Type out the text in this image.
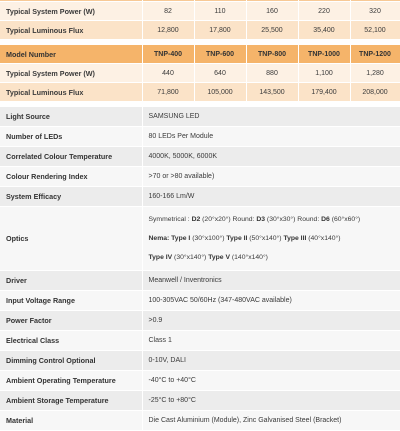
Typical System Power (W)	82	110	160	220	320
Typical Luminous Flux	12,800	17,800	25,500	35,400	52,100

Model Number	TNP-400	TNP-600	TNP-800	TNP-1000	TNP-1200
Typical System Power (W)	440	640	880	1,100	1,280
Typical Luminous Flux	71,800	105,000	143,500	179,400	208,000

Light Source	SAMSUNG LED
Number of LEDs	80 LEDs Per Module
Correlated Colour Temperature	4000K, 5000K, 6000K
Colour Rendering Index	>70 or >80 available)
System Efficacy	160-166 Lm/W
Optics	Symmetrical : D2 (20°x20°) Round: D3 (30°x30°) Round: D6 (60°x60°)
Nema: Type I (30°x100°) Type II (50°x140°) Type III (40°x140°)
Type IV (30°x140°) Type V (140°x140°)

Driver	Meanwell / Inventronics
Input Voltage Range	100-305VAC 50/60Hz (347-480VAC available)
Power Factor	>0.9
Electrical Class	Class 1
Dimming Control Optional	0-10V, DALI
Ambient Operating Temperature	-40°C to +40°C
Ambient Storage Temperature	-25°C to +80°C
Material	Die Cast Aluminium (Module), Zinc Galvanised Steel (Bracket)
